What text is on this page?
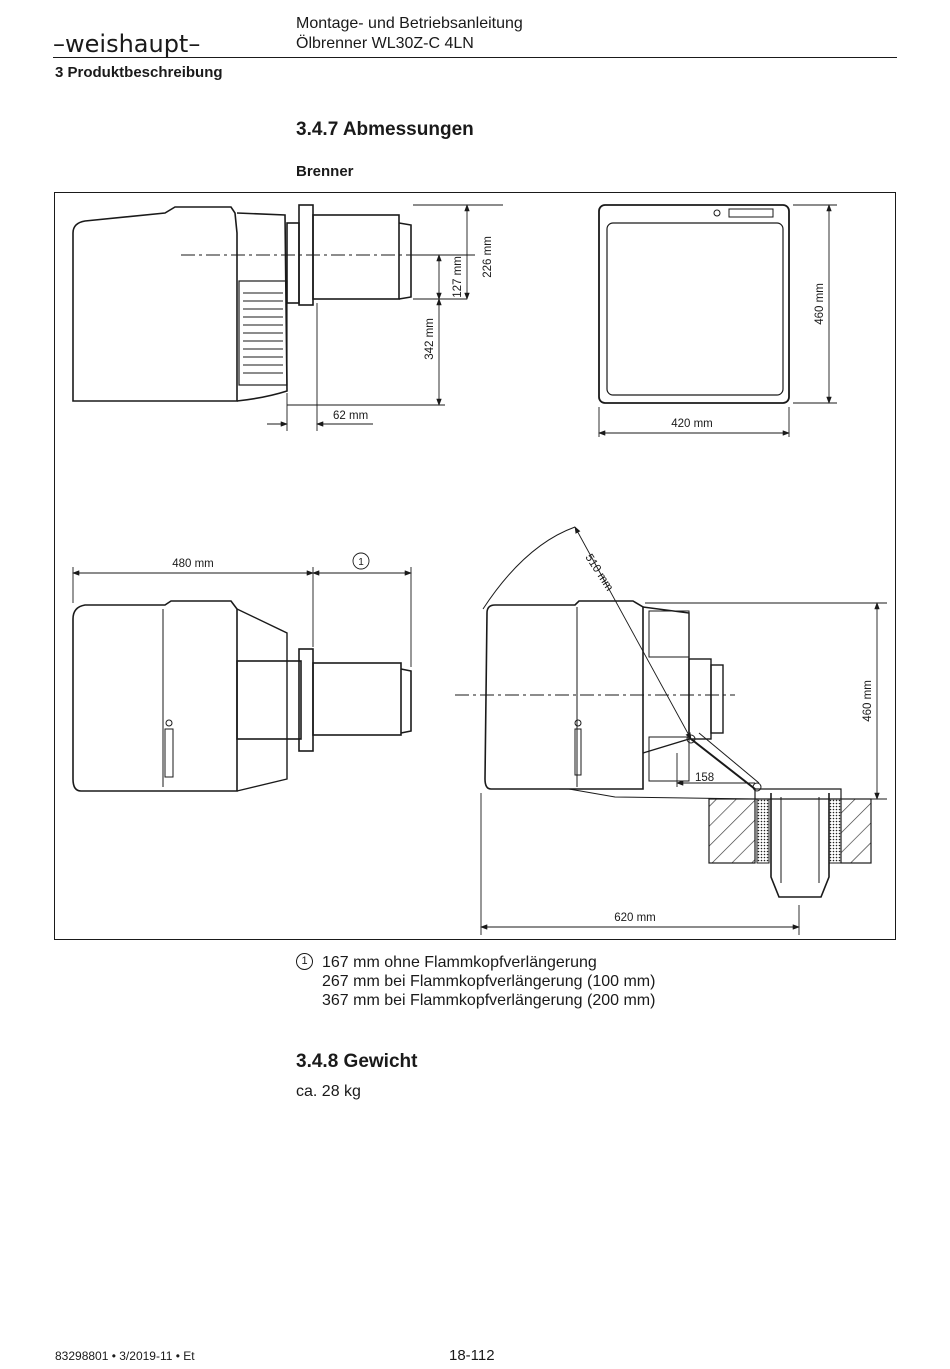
–weishaupt–
Montage- und Betriebsanleitung
Ölbrenner WL30Z-C 4LN
3 Produktbeschreibung
3.4.7 Abmessungen
Brenner
127 mm 226 mm
342 mm
62 mm
460 mm
420 mm
480 mm	1	510 mm
460 mm
158
620 mm
1 167 mm ohne Flammkopfverlängerung
267 mm bei Flammkopfverlängerung (100 mm)
367 mm bei Flammkopfverlängerung (200 mm)
3.4.8 Gewicht
ca. 28 kg
83298801 • 3/2019-11 • Et	18-112
